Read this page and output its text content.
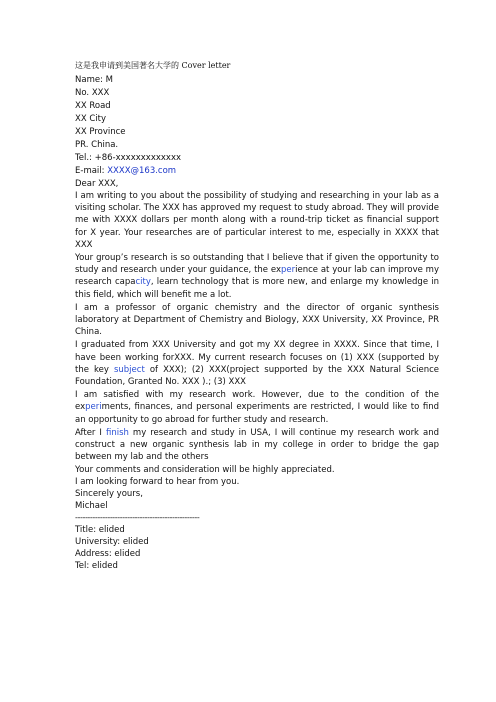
这是我申请到美国著名大学的 Cover letter
Name: M
No. XXX
XX Road
XX City
XX Province
PR. China.
Tel.: +86-xxxxxxxxxxxxx
E-mail: XXXX@163.com
Dear XXX,

I am writing to you about the possibility of studying and researching in your lab as a visiting scholar. The XXX has approved my request to study abroad. They will provide me with XXXX dollars per month along with a round-trip ticket as financial support for X year. Your researches are of particular interest to me, especially in XXXX that XXX

Your group’s research is so outstanding that I believe that if given the opportunity to study and research under your guidance, the experience at your lab can improve my research capacity, learn technology that is more new, and enlarge my knowledge in this field, which will benefit me a lot.

I am a professor of organic chemistry and the director of organic synthesis laboratory at Department of Chemistry and Biology, XXX University, XX Province, PR China.

I graduated from XXX University and got my XX degree in XXXX. Since that time, I have been working forXXX. My current research focuses on (1) XXX (supported by the key subject of XXX); (2) XXX(project supported by the XXX Natural Science Foundation, Granted No. XXX ).; (3) XXX

I am satisfied with my research work. However, due to the condition of the experiments, finances, and personal experiments are restricted, I would like to find an opportunity to go abroad for further study and research.

After I finish my research and study in USA, I will continue my research work and construct a new organic synthesis lab in my college in order to bridge the gap between my lab and the others

Your comments and consideration will be highly appreciated.
I am looking forward to hear from you.
Sincerely yours,
Michael
--------------------------------------------------
Title: elided
University: elided
Address: elided
Tel: elided
